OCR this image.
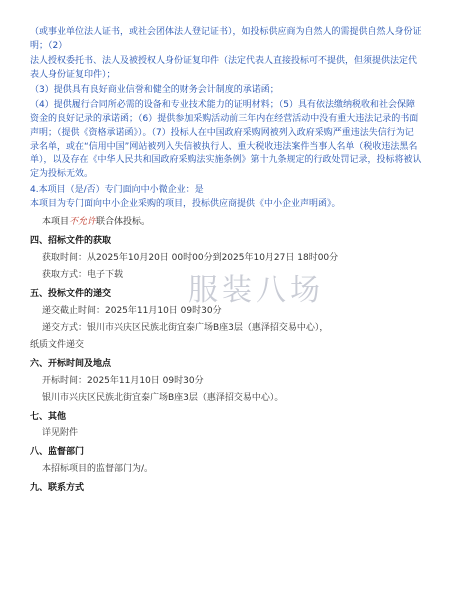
（或事业单位法人证书，或社会团体法人登记证书），如投标供应商为自然人的需提供自然人身份证明；（2）

法人授权委托书、法人及被授权人身份证复印件（法定代表人直接投标可不提供，但须提供法定代表人身份证复印件）；

（3）提供具有良好商业信誉和健全的财务会计制度的承诺函；

（4）提供履行合同所必需的设备和专业技术能力的证明材料；（5）具有依法缴纳税收和社会保障资金的良好记录的承诺函；（6）提供参加采购活动前三年内在经营活动中没有重大违法记录的书面声明；（提供《资格承诺函》）。（7）投标人在中国政府采购网被列入政府采购严重违法失信行为记录名单，或在“信用中国”网站被列入失信被执行人、重大税收违法案件当事人名单（税收违法黑名单），以及存在《中华人民共和国政府采购法实施条例》第十九条规定的行政处罚记录，投标将被认定为投标无效。

4.本项目（是/否）专门面向中小微企业：是

本项目为专门面向中小企业采购的项目，投标供应商提供《中小企业声明函》。

本项目不允许联合体投标。

四、招标文件的获取

获取时间：从2025年10月20日 00时00分到2025年10月27日 18时00分

获取方式：电子下载

五、投标文件的递交

递交截止时间：2025年11月10日 09时30分

递交方式：银川市兴庆区民族北街宜泰广场B座3层（惠泽招交易中心），

纸质文件递交

六、开标时间及地点

开标时间：2025年11月10日 09时30分

银川市兴庆区民族北街宜泰广场B座3层（惠泽招交易中心）。

七、其他

详见附件

八、监督部门

本招标项目的监督部门为/。

九、联系方式
服装八场
